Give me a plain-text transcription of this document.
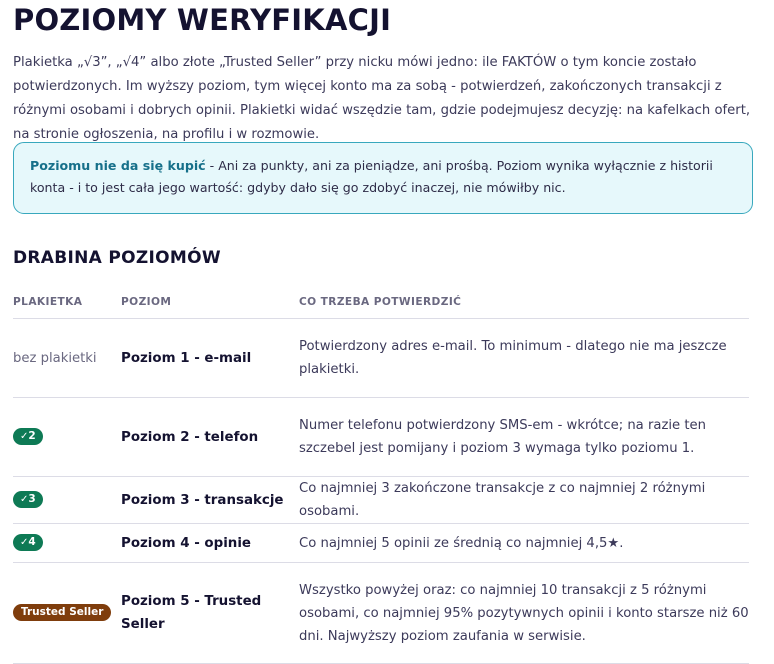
POZIOMY WERYFIKACJI

Plakietka „√3”, „√4” albo złote „Trusted Seller” przy nicku mówi jedno: ile FAKTÓW o tym koncie zostało potwierdzonych. Im wyższy poziom, tym więcej konto ma za sobą - potwierdzeń, zakończonych transakcji z różnymi osobami i dobrych opinii. Plakietki widać wszędzie tam, gdzie podejmujesz decyzję: na kafelkach ofert, na stronie ogłoszenia, na profilu i w rozmowie.

Poziomu nie da się kupić - Ani za punkty, ani za pieniądze, ani prośbą. Poziom wynika wyłącznie z historii konta - i to jest cała jego wartość: gdyby dało się go zdobyć inaczej, nie mówiłby nic.
DRABINA POZIOMÓW
PLAKIETKA	POZIOM	CO TRZEBA POTWIERDZIĆ
bez plakietki	Poziom 1 - e-mail	Potwierdzony adres e-mail. To minimum - dlatego nie ma jeszcze plakietki.
✓2	Poziom 2 - telefon	Numer telefonu potwierdzony SMS-em - wkrótce; na razie ten szczebel jest pomijany i poziom 3 wymaga tylko poziomu 1.
✓3	Poziom 3 - transakcje	Co najmniej 3 zakończone transakcje z co najmniej 2 różnymi osobami.
✓4	Poziom 4 - opinie	Co najmniej 5 opinii ze średnią co najmniej 4,5★.
Trusted Seller	Poziom 5 - Trusted Seller	Wszystko powyżej oraz: co najmniej 10 transakcji z 5 różnymi osobami, co najmniej 95% pozytywnych opinii i konto starsze niż 60 dni. Najwyższy poziom zaufania w serwisie.
